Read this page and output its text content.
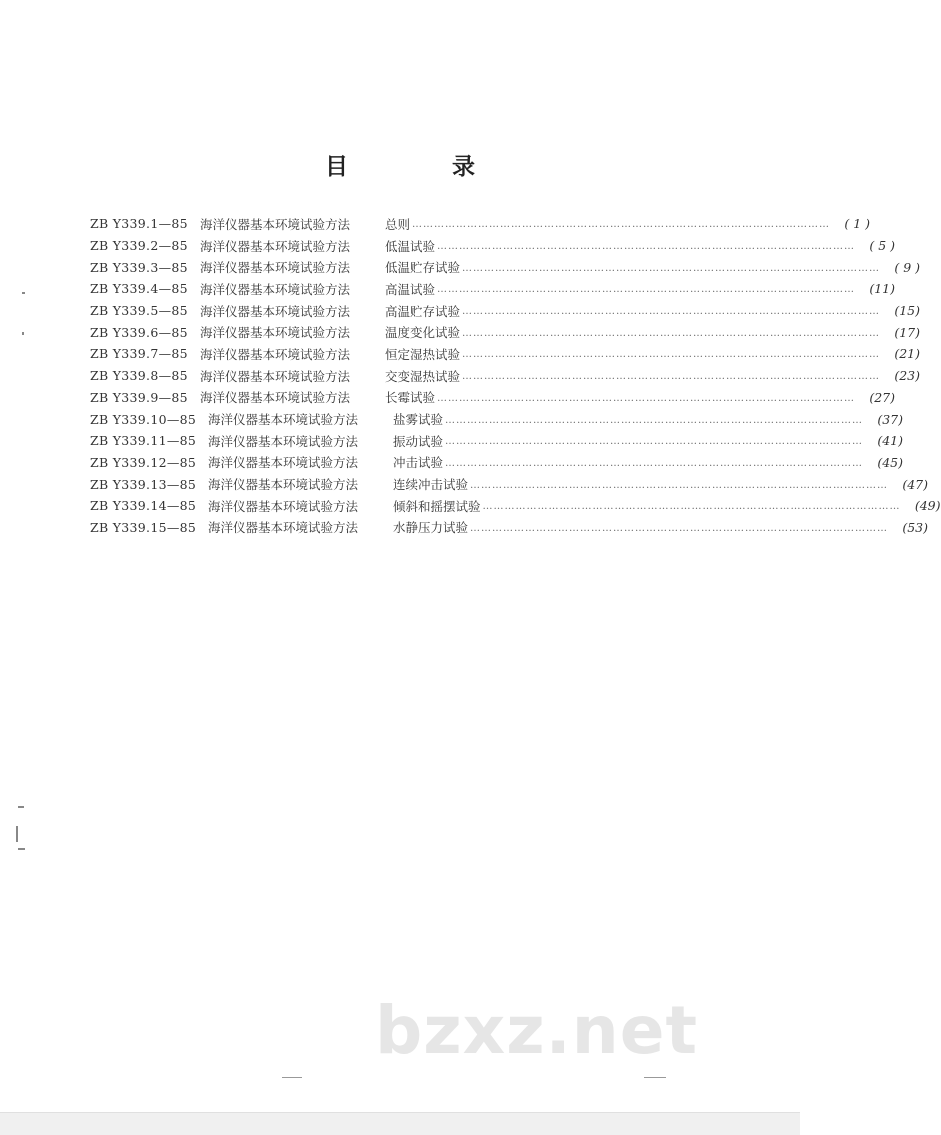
目 录
ZB Y339.1—85 海洋仪器基本环境试验方法	总则 ……………………………………………………………………………………………………	( 1 )
ZB Y339.2—85 海洋仪器基本环境试验方法	低温试验 ……………………………………………………………………………………………………	( 5 )
ZB Y339.3—85 海洋仪器基本环境试验方法	低温贮存试验 ……………………………………………………………………………………………………	( 9 )
ZB Y339.4—85 海洋仪器基本环境试验方法	高温试验 ……………………………………………………………………………………………………	(11)
ZB Y339.5—85 海洋仪器基本环境试验方法	高温贮存试验 ……………………………………………………………………………………………………	(15)
ZB Y339.6—85 海洋仪器基本环境试验方法	温度变化试验 ……………………………………………………………………………………………………	(17)
ZB Y339.7—85 海洋仪器基本环境试验方法	恒定湿热试验 ……………………………………………………………………………………………………	(21)
ZB Y339.8—85 海洋仪器基本环境试验方法	交变湿热试验 ……………………………………………………………………………………………………	(23)
ZB Y339.9—85 海洋仪器基本环境试验方法	长霉试验 ……………………………………………………………………………………………………	(27)
ZB Y339.10—85 海洋仪器基本环境试验方法	盐雾试验 ……………………………………………………………………………………………………	(37)
ZB Y339.11—85 海洋仪器基本环境试验方法	振动试验 ……………………………………………………………………………………………………	(41)
ZB Y339.12—85 海洋仪器基本环境试验方法	冲击试验 ……………………………………………………………………………………………………	(45)
ZB Y339.13—85 海洋仪器基本环境试验方法	连续冲击试验 ……………………………………………………………………………………………………	(47)
ZB Y339.14—85 海洋仪器基本环境试验方法	倾斜和摇摆试验 ……………………………………………………………………………………………………	(49)
ZB Y339.15—85 海洋仪器基本环境试验方法	水静压力试验 ……………………………………………………………………………………………………	(53)
bzxz.net
